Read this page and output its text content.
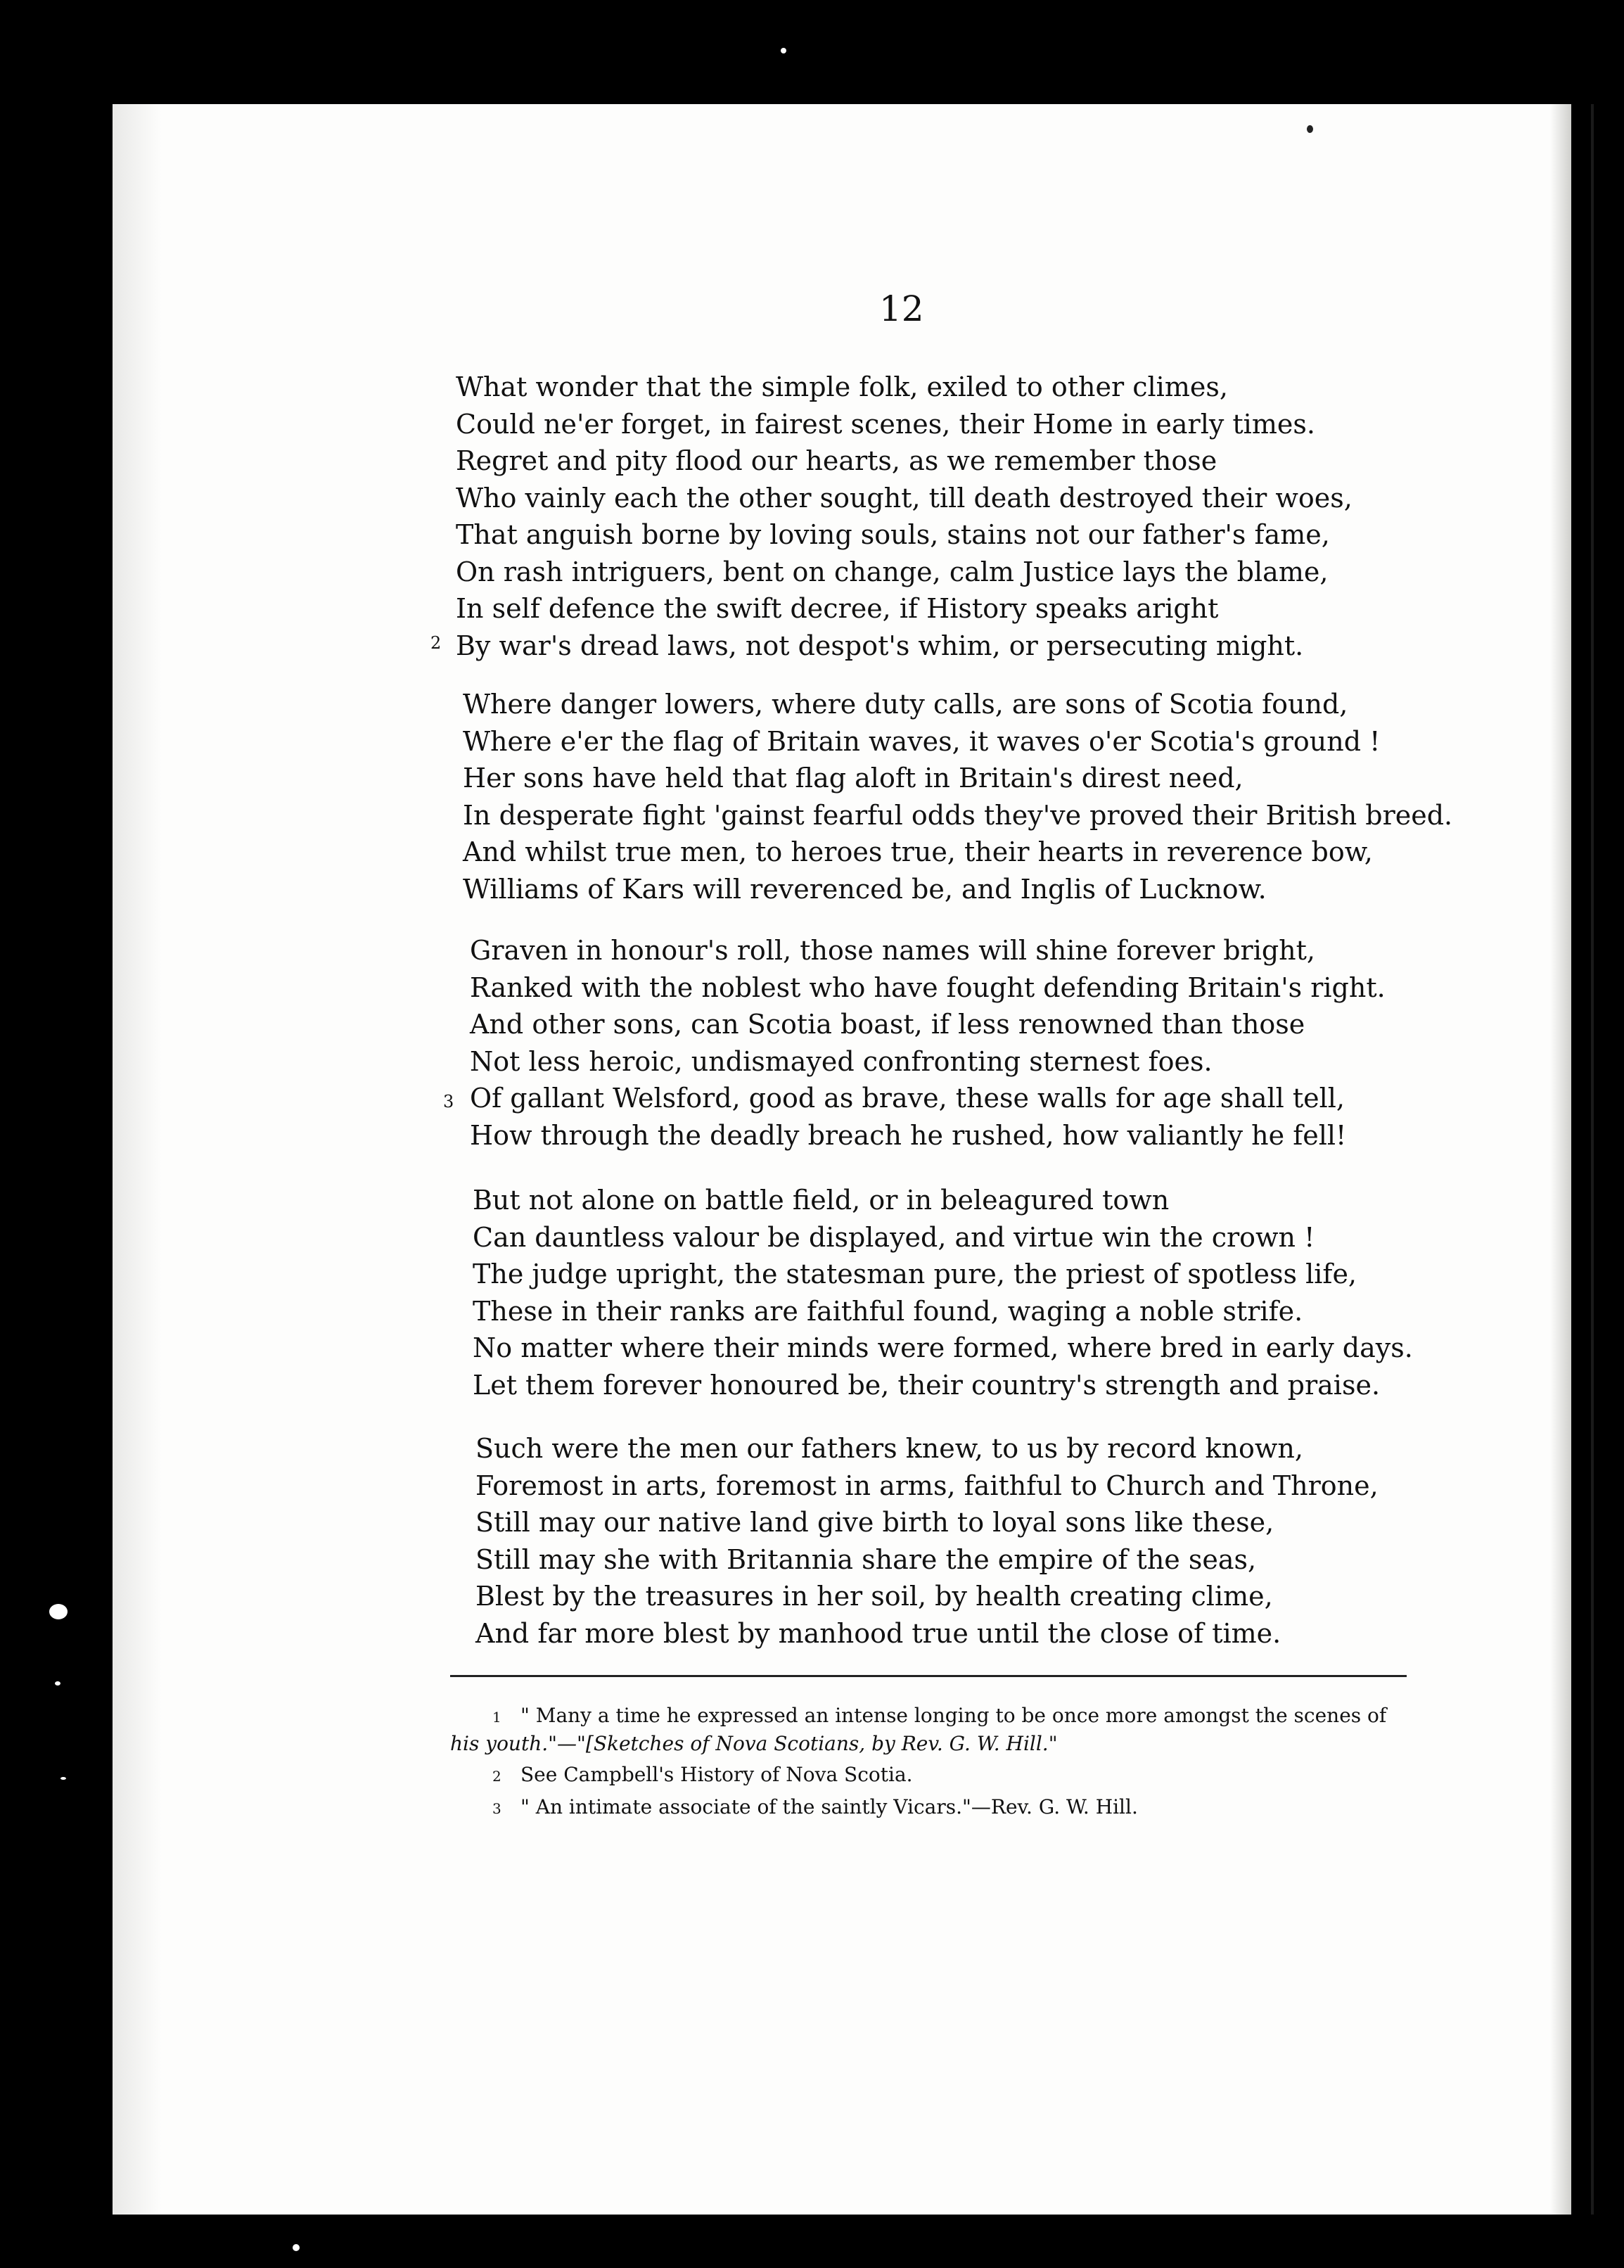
12
What wonder that the simple folk, exiled to other climes,
Could ne'er forget, in fairest scenes, their Home in early times.
Regret and pity flood our hearts, as we remember those
Who vainly each the other sought, till death destroyed their woes,
That anguish borne by loving souls, stains not our father's fame,
On rash intriguers, bent on change, calm Justice lays the blame,
In self defence the swift decree, if History speaks aright
By war's dread laws, not despot's whim, or persecuting might.
2
Where danger lowers, where duty calls, are sons of Scotia found,
Where e'er the flag of Britain waves, it waves o'er Scotia's ground !
Her sons have held that flag aloft in Britain's direst need,
In desperate fight 'gainst fearful odds they've proved their British breed.
And whilst true men, to heroes true, their hearts in reverence bow,
Williams of Kars will reverenced be, and Inglis of Lucknow.
Graven in honour's roll, those names will shine forever bright,
Ranked with the noblest who have fought defending Britain's right.
And other sons, can Scotia boast, if less renowned than those
Not less heroic, undismayed confronting sternest foes.
Of gallant Welsford, good as brave, these walls for age shall tell,
How through the deadly breach he rushed, how valiantly he fell!
3
But not alone on battle field, or in beleagured town
Can dauntless valour be displayed, and virtue win the crown !
The judge upright, the statesman pure, the priest of spotless life,
These in their ranks are faithful found, waging a noble strife.
No matter where their minds were formed, where bred in early days.
Let them forever honoured be, their country's strength and praise.
Such were the men our fathers knew, to us by record known,
Foremost in arts, foremost in arms, faithful to Church and Throne,
Still may our native land give birth to loyal sons like these,
Still may she with Britannia share the empire of the seas,
Blest by the treasures in her soil, by health creating clime,
And far more blest by manhood true until the close of time.
1 " Many a time he expressed an intense longing to be once more amongst the scenes of
his youth."—"[Sketches of Nova Scotians, by Rev. G. W. Hill."
2 See Campbell's History of Nova Scotia.
3 " An intimate associate of the saintly Vicars."—Rev. G. W. Hill.
